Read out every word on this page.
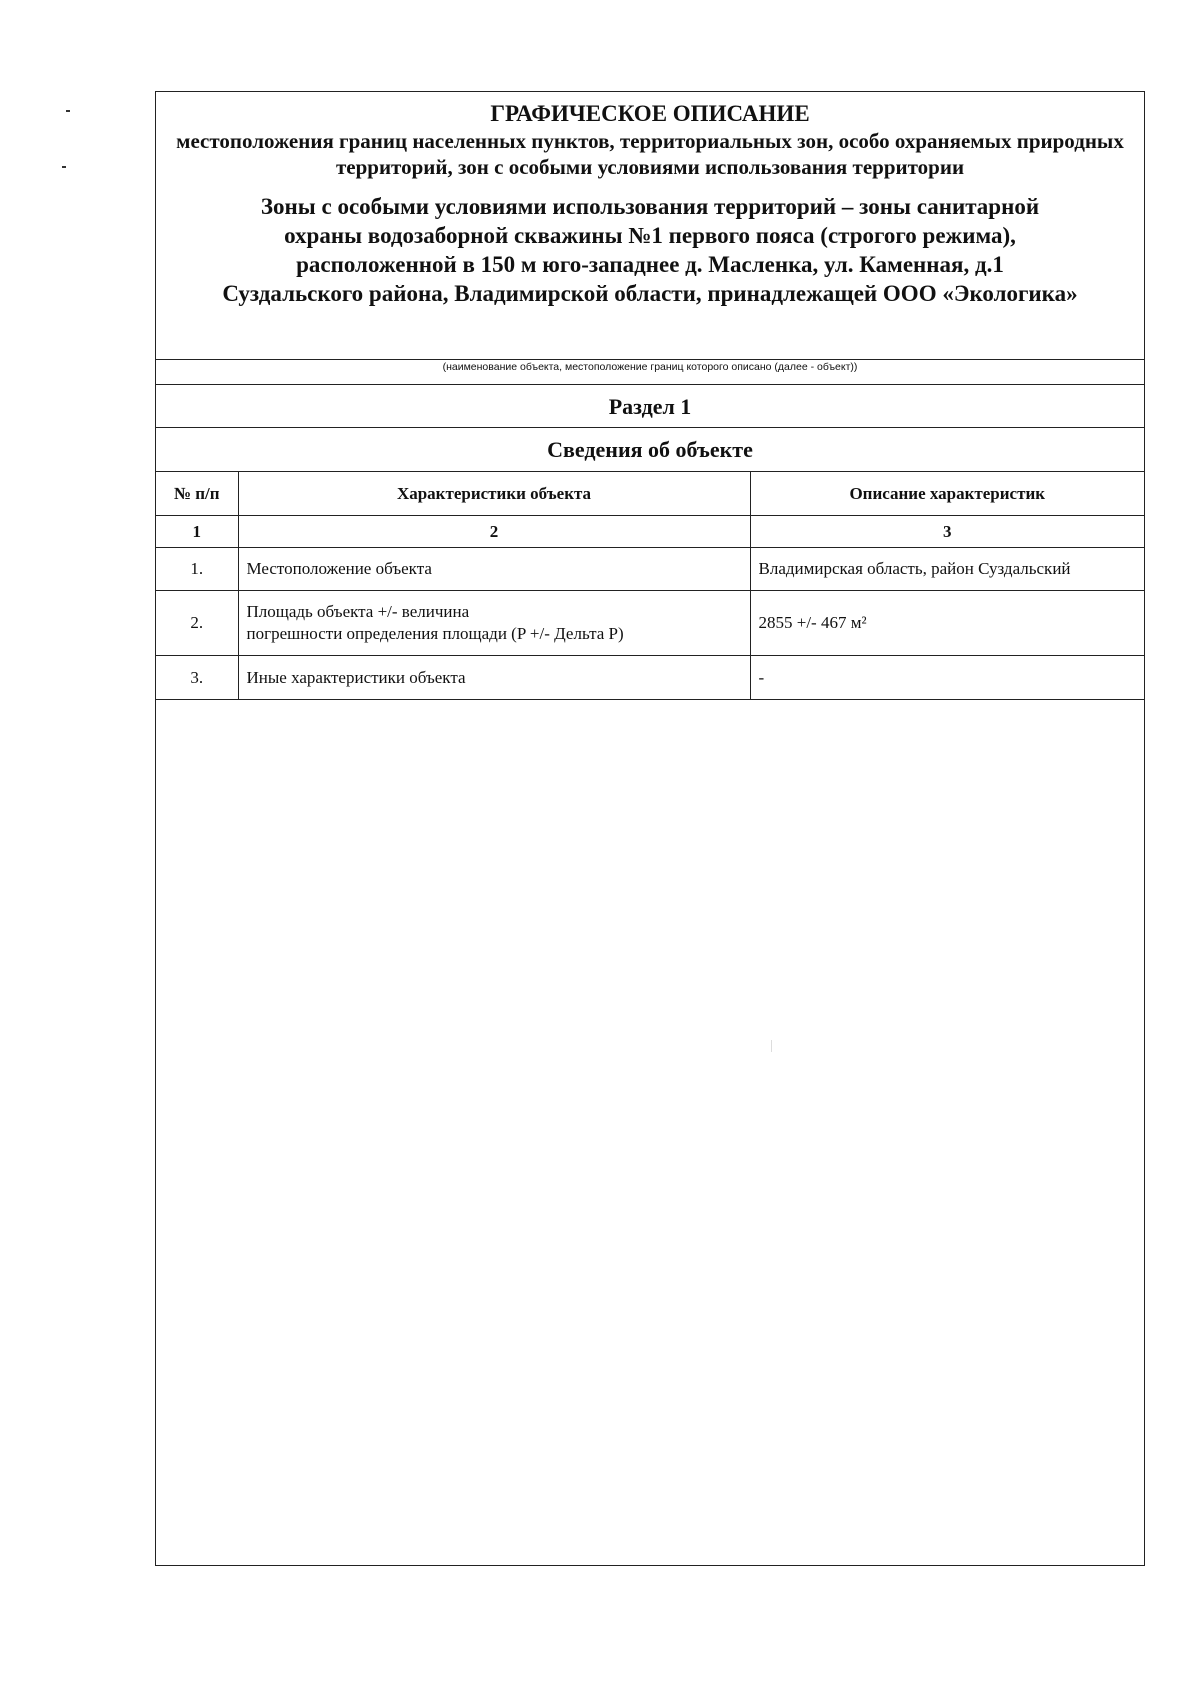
ГРАФИЧЕСКОЕ ОПИСАНИЕ
местоположения границ населенных пунктов, территориальных зон, особо охраняемых природных территорий, зон с особыми условиями использования территории
Зоны с особыми условиями использования территорий – зоны санитарной
охраны водозаборной скважины №1 первого пояса (строгого режима),
расположенной в 150 м юго-западнее д. Масленка, ул. Каменная, д.1
Суздальского района, Владимирской области, принадлежащей ООО «Экологика»
(наименование объекта, местоположение границ которого описано (далее - объект))
Раздел 1
Сведения об объекте
№ п/п	Характеристики объекта	Описание характеристик
1	2	3
1.	Местоположение объекта	Владимирская область, район Суздальский
2.	Площадь объекта +/- величина
погрешности определения площади (P +/- Дельта P)	2855 +/- 467 м²
3.	Иные характеристики объекта	-
